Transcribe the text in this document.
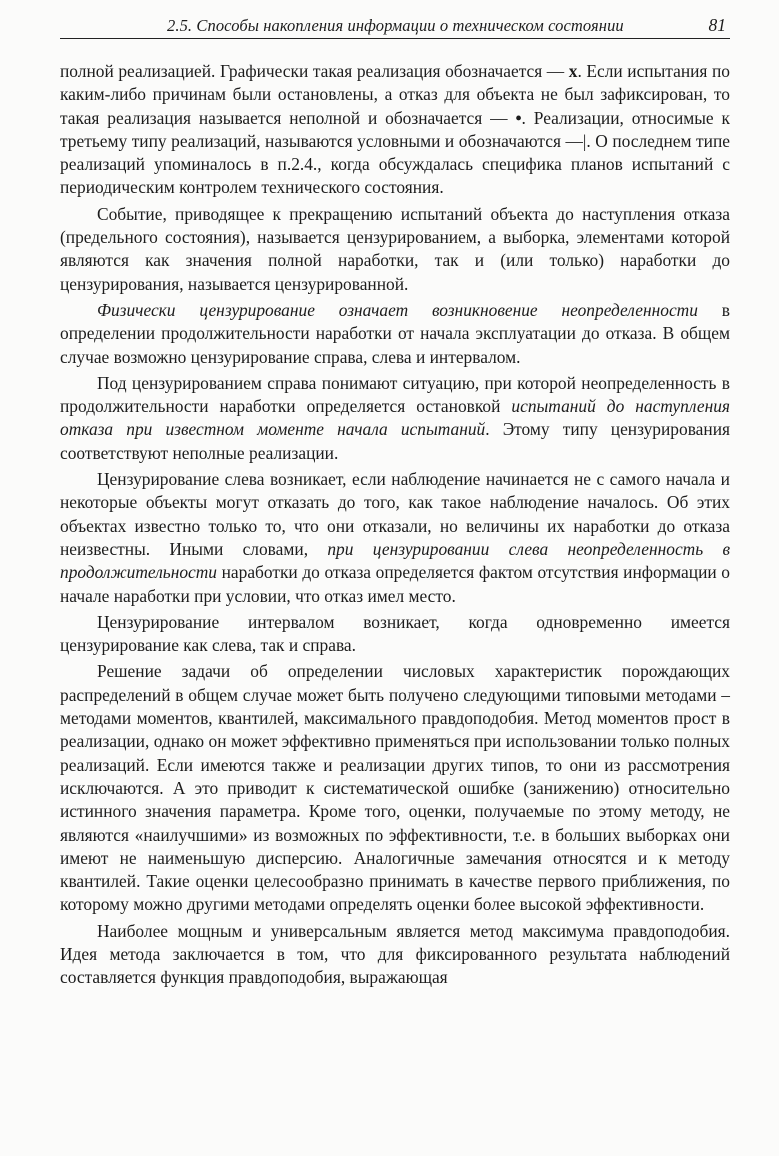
2.5. Способы накопления информации о техническом состоянии	81

полной реализацией. Графически такая реализация обозначается — x. Если испытания по каким-либо причинам были остановлены, а отказ для объекта не был зафиксирован, то такая реализация называется неполной и обозначается — •. Реализации, относимые к третьему типу реализаций, называются условными и обозначаются —|. О последнем типе реализаций упоминалось в п.2.4., когда обсуждалась специфика планов испытаний с периодическим контролем технического состояния.

Событие, приводящее к прекращению испытаний объекта до наступления отказа (предельного состояния), называется цензурированием, а выборка, элементами которой являются как значения полной наработки, так и (или только) наработки до цензурирования, называется цензурированной.

Физически цензурирование означает возникновение неопределенности в определении продолжительности наработки от начала эксплуатации до отказа. В общем случае возможно цензурирование справа, слева и интервалом.

Под цензурированием справа понимают ситуацию, при которой неопределенность в продолжительности наработки определяется остановкой испытаний до наступления отказа при известном моменте начала испытаний. Этому типу цензурирования соответствуют неполные реализации.

Цензурирование слева возникает, если наблюдение начинается не с самого начала и некоторые объекты могут отказать до того, как такое наблюдение началось. Об этих объектах известно только то, что они отказали, но величины их наработки до отказа неизвестны. Иными словами, при цензурировании слева неопределенность в продолжительности наработки до отказа определяется фактом отсутствия информации о начале наработки при условии, что отказ имел место.

Цензурирование интервалом возникает, когда одновременно имеется цензурирование как слева, так и справа.

Решение задачи об определении числовых характеристик порождающих распределений в общем случае может быть получено следующими типовыми методами – методами моментов, квантилей, максимального правдоподобия. Метод моментов прост в реализации, однако он может эффективно применяться при использовании только полных реализаций. Если имеются также и реализации других типов, то они из рассмотрения исключаются. А это приводит к систематической ошибке (занижению) относительно истинного значения параметра. Кроме того, оценки, получаемые по этому методу, не являются «наилучшими» из возможных по эффективности, т.е. в больших выборках они имеют не наименьшую дисперсию. Аналогичные замечания относятся и к методу квантилей. Такие оценки целесообразно принимать в качестве первого приближения, по которому можно другими методами определять оценки более высокой эффективности.

Наиболее мощным и универсальным является метод максимума правдоподобия. Идея метода заключается в том, что для фиксированного результата наблюдений составляется функция правдоподобия, выражающая
